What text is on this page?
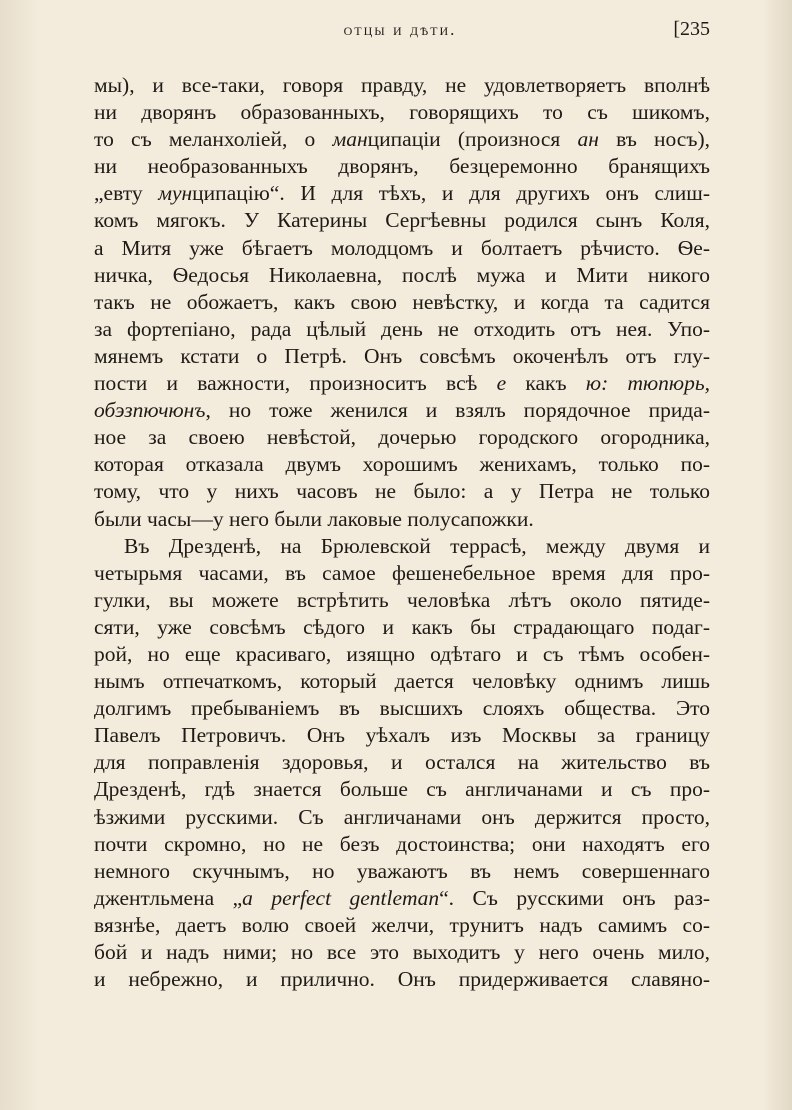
отцы и дѣти.	[235
мы), и все-таки, говоря правду, не удовлетворяетъ вполнѣ
ни дворянъ образованныхъ, говорящихъ то съ шикомъ,
то съ меланхоліей, о манципаціи (произнося ан въ носъ),
ни необразованныхъ дворянъ, безцеремонно бранящихъ
„евту мунципацію“. И для тѣхъ, и для другихъ онъ слиш-
комъ мягокъ. У Катерины Сергѣевны родился сынъ Коля,
а Митя уже бѣгаетъ молодцомъ и болтаетъ рѣчисто. Ѳе-
ничка, Ѳедосья Николаевна, послѣ мужа и Мити никого
такъ не обожаетъ, какъ свою невѣстку, и когда та садится
за фортепіано, рада цѣлый день не отходить отъ нея. Упо-
мянемъ кстати о Петрѣ. Онъ совсѣмъ окоченѣлъ отъ глу-
пости и важности, произноситъ всѣ е какъ ю: тюпюрь,
обэзпючюнъ, но тоже женился и взялъ порядочное прида-
ное за своею невѣстой, дочерью городского огородника,
которая отказала двумъ хорошимъ женихамъ, только по-
тому, что у нихъ часовъ не было: а у Петра не только
были часы—у него были лаковые полусапожки.
Въ Дрезденѣ, на Брюлевской террасѣ, между двумя и
четырьмя часами, въ самое фешенебельное время для про-
гулки, вы можете встрѣтить человѣка лѣтъ около пятиде-
сяти, уже совсѣмъ сѣдого и какъ бы страдающаго подаг-
рой, но еще красиваго, изящно одѣтаго и съ тѣмъ особен-
нымъ отпечаткомъ, который дается человѣку однимъ лишь
долгимъ пребываніемъ въ высшихъ слояхъ общества. Это
Павелъ Петровичъ. Онъ уѣхалъ изъ Москвы за границу
для поправленія здоровья, и остался на жительство въ
Дрезденѣ, гдѣ знается больше съ англичанами и съ про-
ѣзжими русскими. Съ англичанами онъ держится просто,
почти скромно, но не безъ достоинства; они находятъ его
немного скучнымъ, но уважаютъ въ немъ совершеннаго
джентльмена „a perfect gentleman“. Съ русскими онъ раз-
вязнѣе, даетъ волю своей желчи, трунитъ надъ самимъ со-
бой и надъ ними; но все это выходитъ у него очень мило,
и небрежно, и прилично. Онъ придерживается славяно-
